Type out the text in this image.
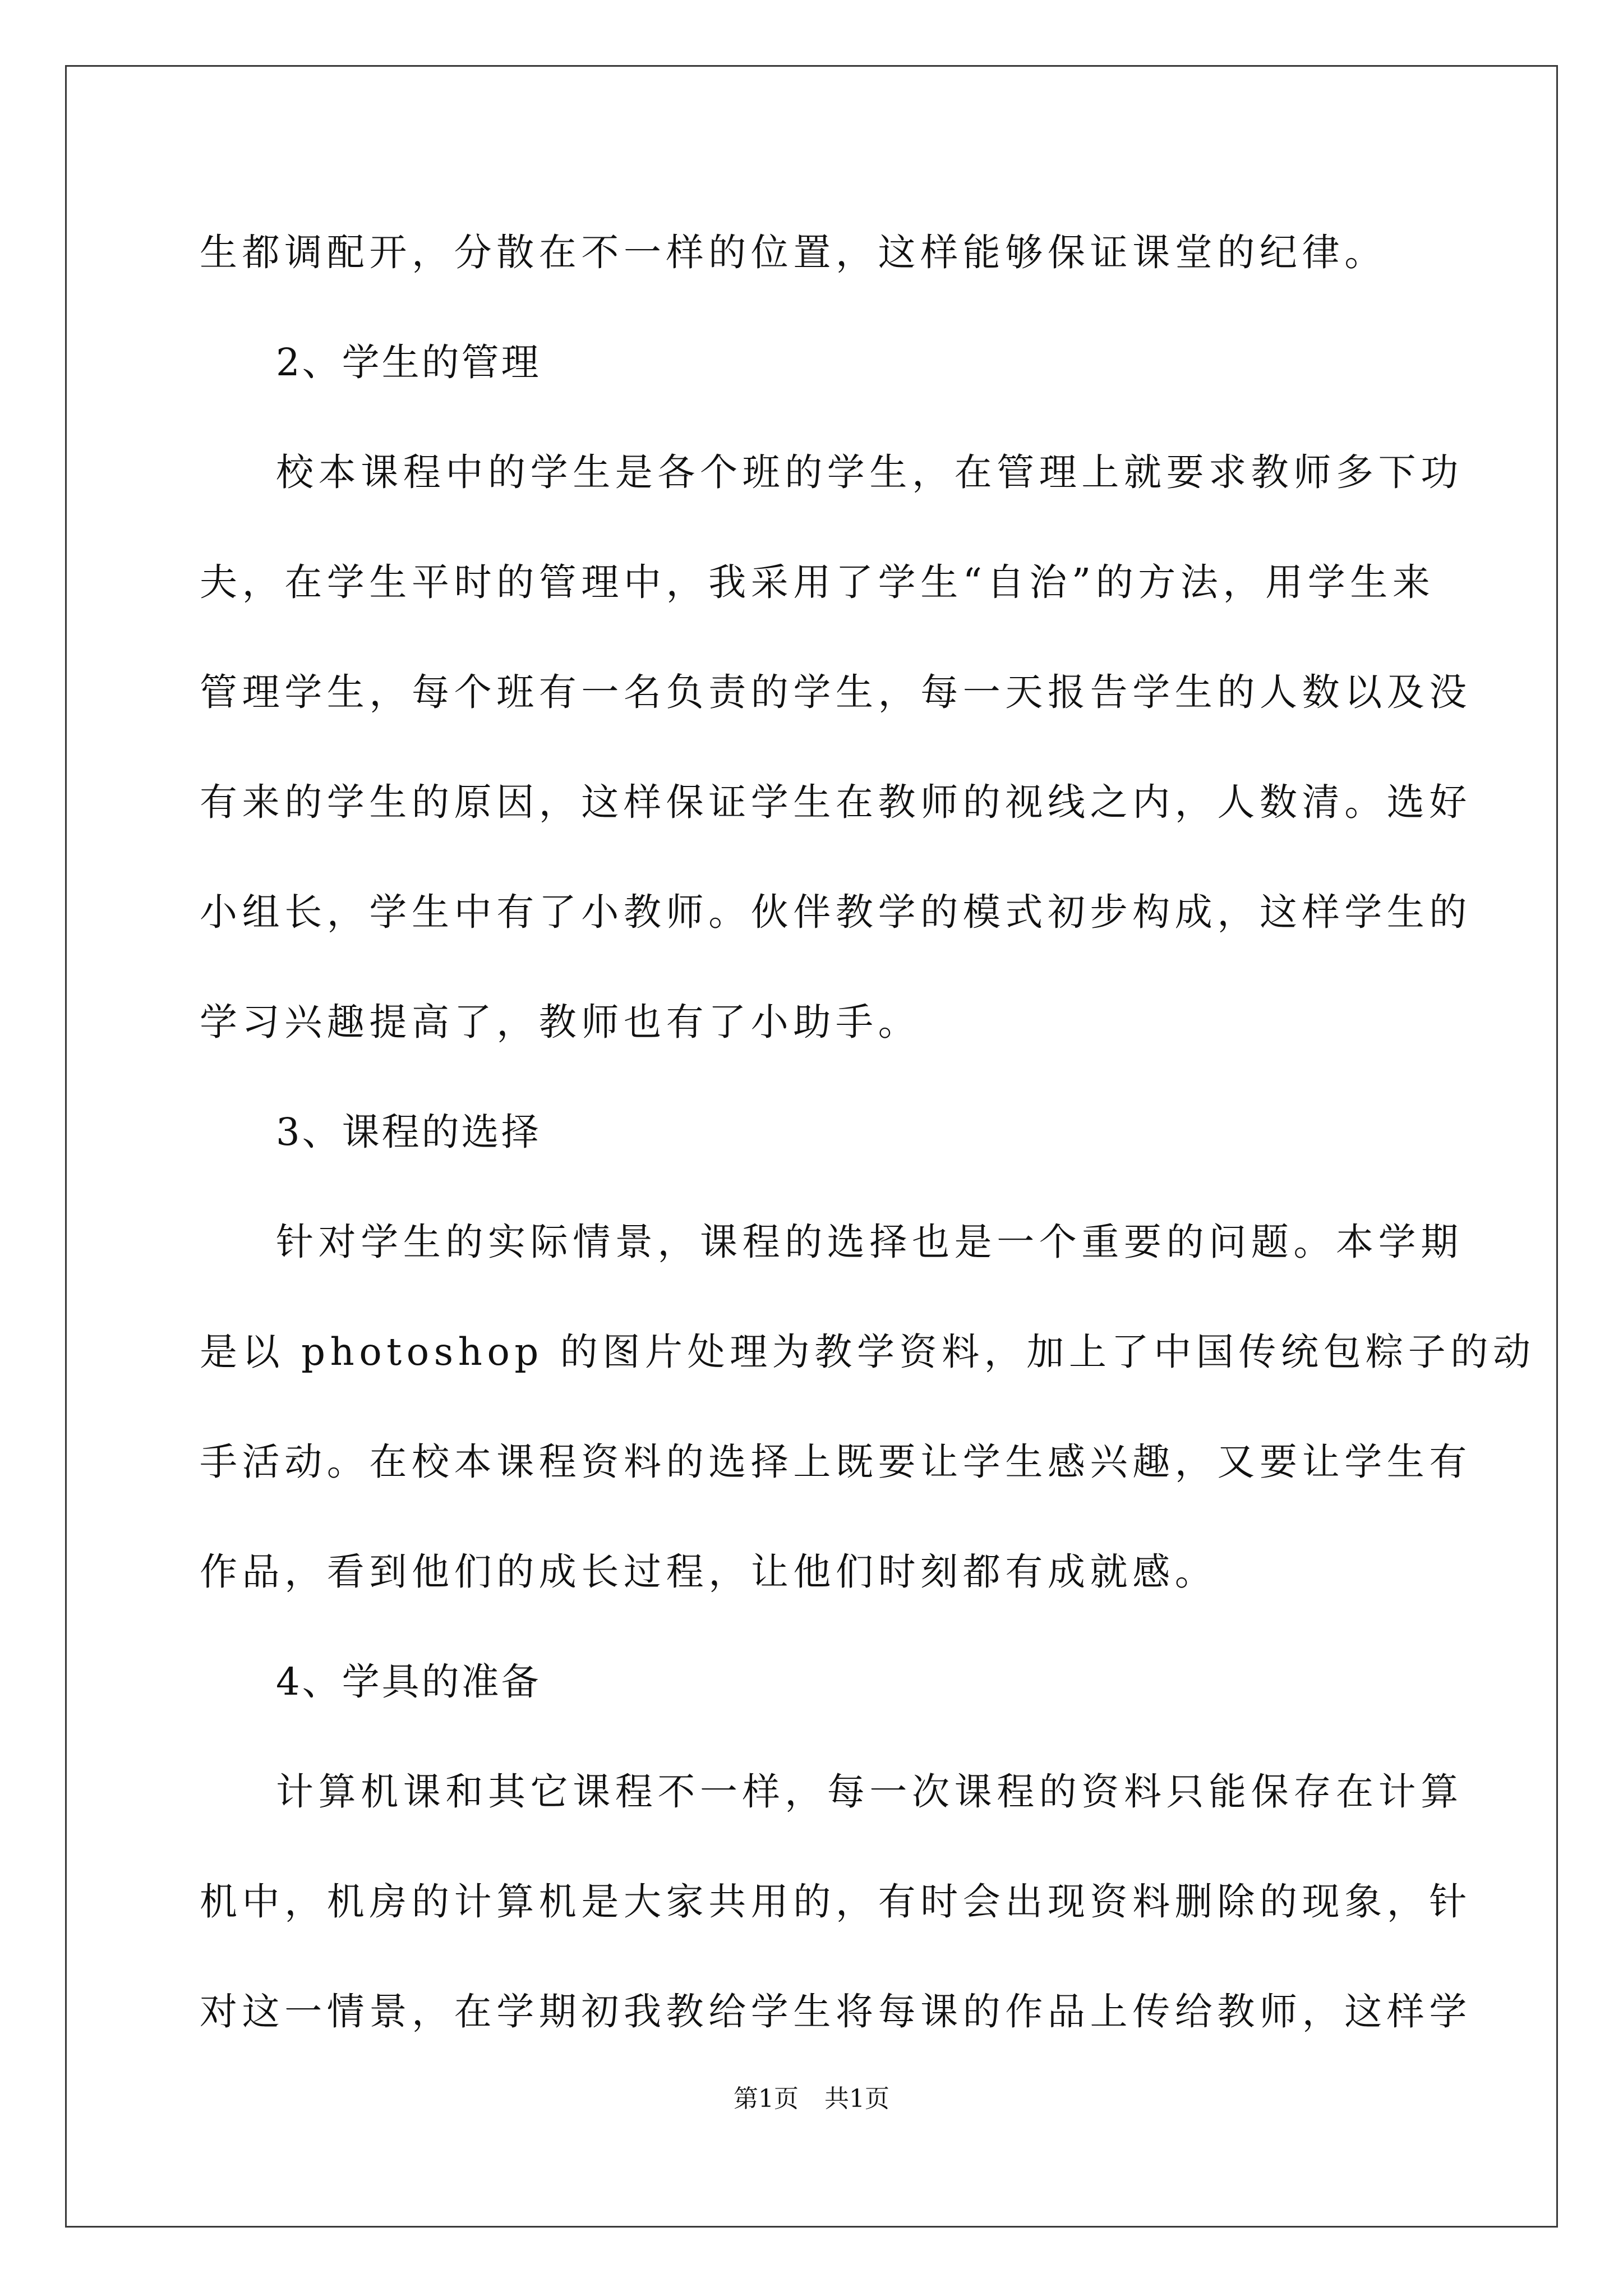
生都调配开，分散在不一样的位置，这样能够保证课堂的纪律。
2、学生的管理
校本课程中的学生是各个班的学生，在管理上就要求教师多下功
夫，在学生平时的管理中，我采用了学生“自治”的方法，用学生来
管理学生，每个班有一名负责的学生，每一天报告学生的人数以及没
有来的学生的原因，这样保证学生在教师的视线之内，人数清。选好
小组长，学生中有了小教师。伙伴教学的模式初步构成，这样学生的
学习兴趣提高了，教师也有了小助手。
3、课程的选择
针对学生的实际情景，课程的选择也是一个重要的问题。本学期
是以 photoshop 的图片处理为教学资料，加上了中国传统包粽子的动
手活动。在校本课程资料的选择上既要让学生感兴趣，又要让学生有
作品，看到他们的成长过程，让他们时刻都有成就感。
4、学具的准备
计算机课和其它课程不一样，每一次课程的资料只能保存在计算
机中，机房的计算机是大家共用的，有时会出现资料删除的现象，针
对这一情景，在学期初我教给学生将每课的作品上传给教师，这样学
第1页 共1页
